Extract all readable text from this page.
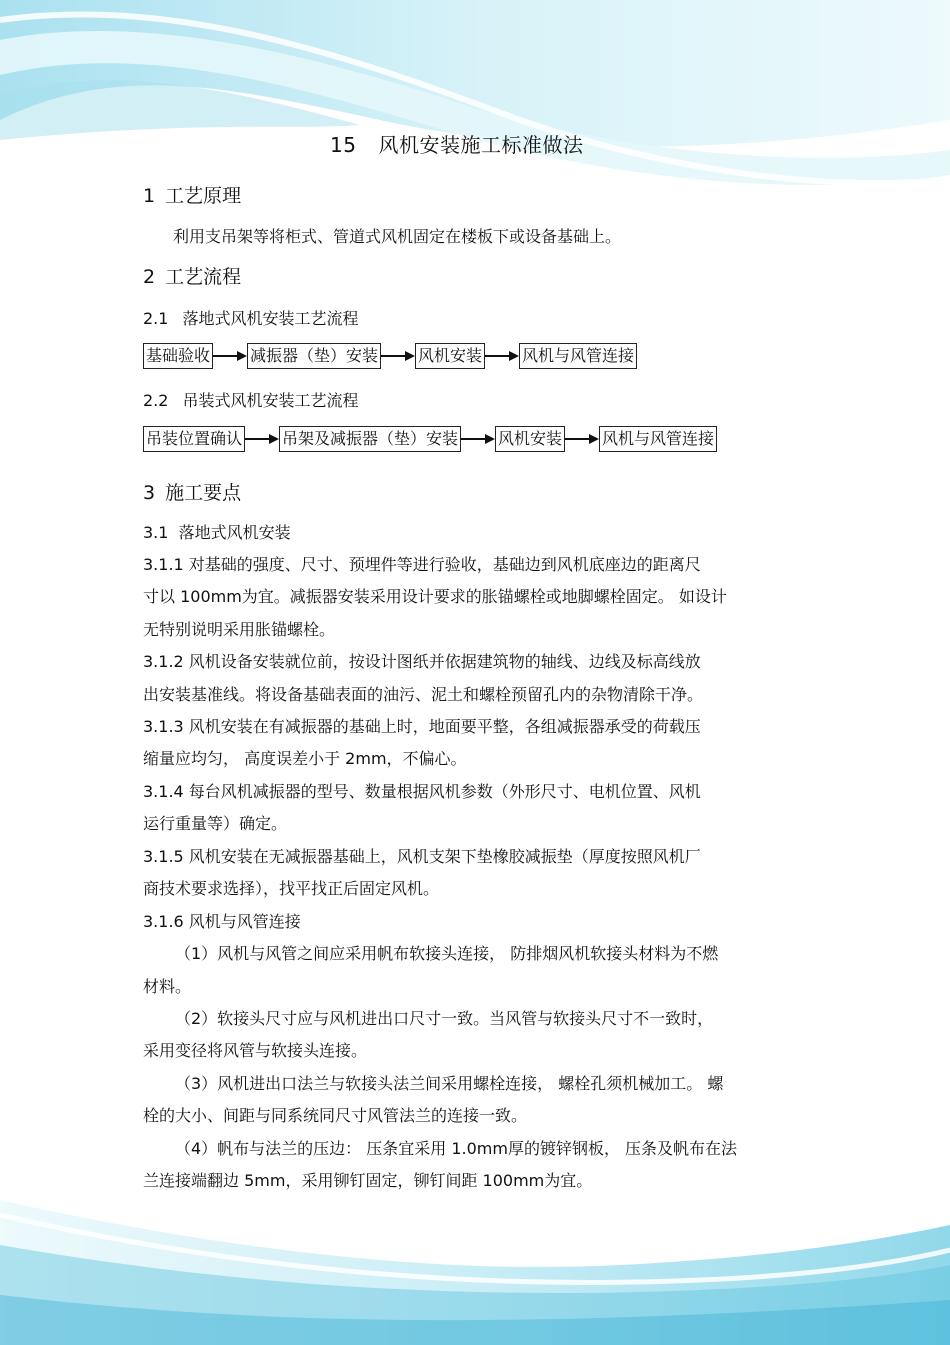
15 风机安装施工标准做法
1 工艺原理
利用支吊架等将柜式、管道式风机固定在楼板下或设备基础上。
2 工艺流程
2.1 落地式风机安装工艺流程
基础验收	减振器（垫）安装	风机安装	风机与风管连接
2.2 吊装式风机安装工艺流程
吊装位置确认	吊架及减振器（垫）安装	风机安装	风机与风管连接
3 施工要点
3.1 落地式风机安装
3.1.1 对基础的强度、尺寸、预埋件等进行验收，基础边到风机底座边的距离尺
寸以 100mm为宜。减振器安装采用设计要求的胀锚螺栓或地脚螺栓固定。 如设计
无特别说明采用胀锚螺栓。
3.1.2 风机设备安装就位前，按设计图纸并依据建筑物的轴线、边线及标高线放
出安装基准线。将设备基础表面的油污、泥土和螺栓预留孔内的杂物清除干净。
3.1.3 风机安装在有减振器的基础上时，地面要平整，各组减振器承受的荷载压
缩量应均匀， 高度误差小于 2mm，不偏心。
3.1.4 每台风机减振器的型号、数量根据风机参数（外形尺寸、电机位置、风机
运行重量等）确定。
3.1.5 风机安装在无减振器基础上，风机支架下垫橡胶减振垫（厚度按照风机厂
商技术要求选择），找平找正后固定风机。
3.1.6 风机与风管连接
（1）风机与风管之间应采用帆布软接头连接， 防排烟风机软接头材料为不燃
材料。
（2）软接头尺寸应与风机进出口尺寸一致。当风管与软接头尺寸不一致时，
采用变径将风管与软接头连接。
（3）风机进出口法兰与软接头法兰间采用螺栓连接， 螺栓孔须机械加工。 螺
栓的大小、间距与同系统同尺寸风管法兰的连接一致。
（4）帆布与法兰的压边： 压条宜采用 1.0mm厚的镀锌钢板， 压条及帆布在法
兰连接端翻边 5mm，采用铆钉固定，铆钉间距 100mm为宜。
